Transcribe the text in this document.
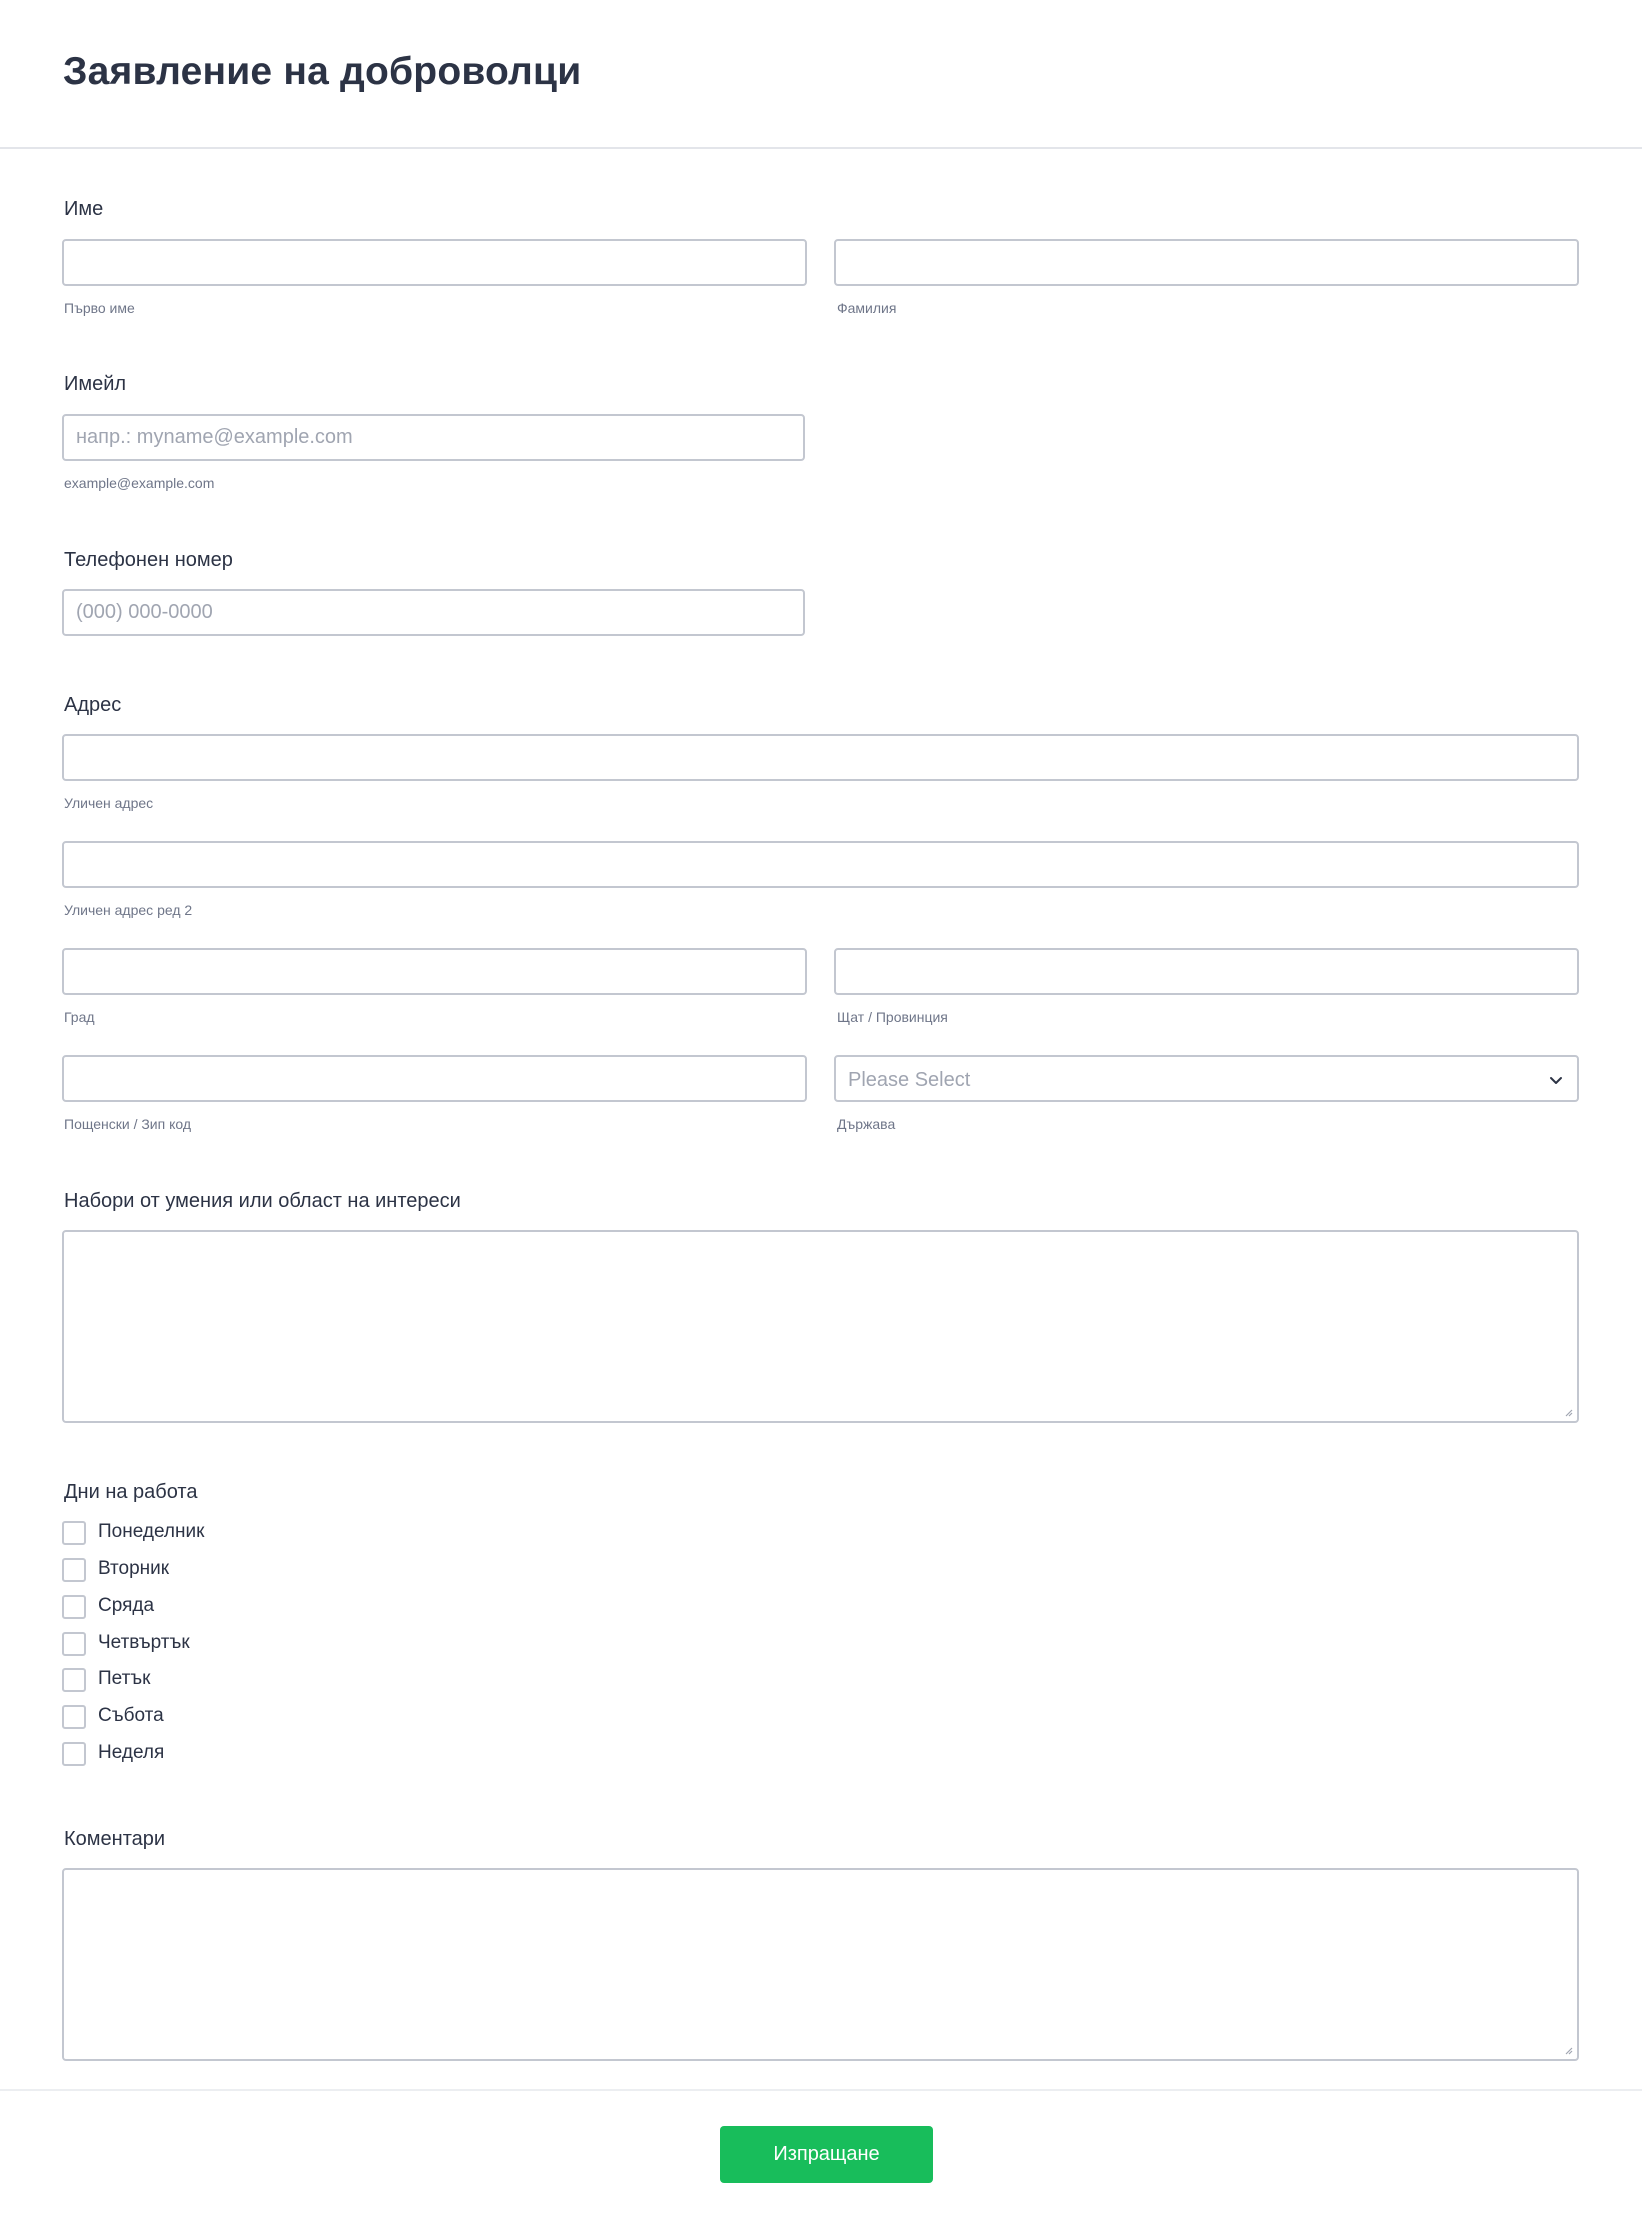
Заявление на доброволци
Име
Първо име	Фамилия
Имейл
напр.: myname@example.com
example@example.com
Телефонен номер
(000) 000-0000
Адрес
Уличен адрес
Уличен адрес ред 2
Град	Щат / Провинция
Please Select
Пощенски / Зип код	Държава
Набори от умения или област на интереси
Дни на работа
Понеделник
Вторник
Сряда
Четвъртък
Петък
Събота
Неделя
Коментари
Изпращане
